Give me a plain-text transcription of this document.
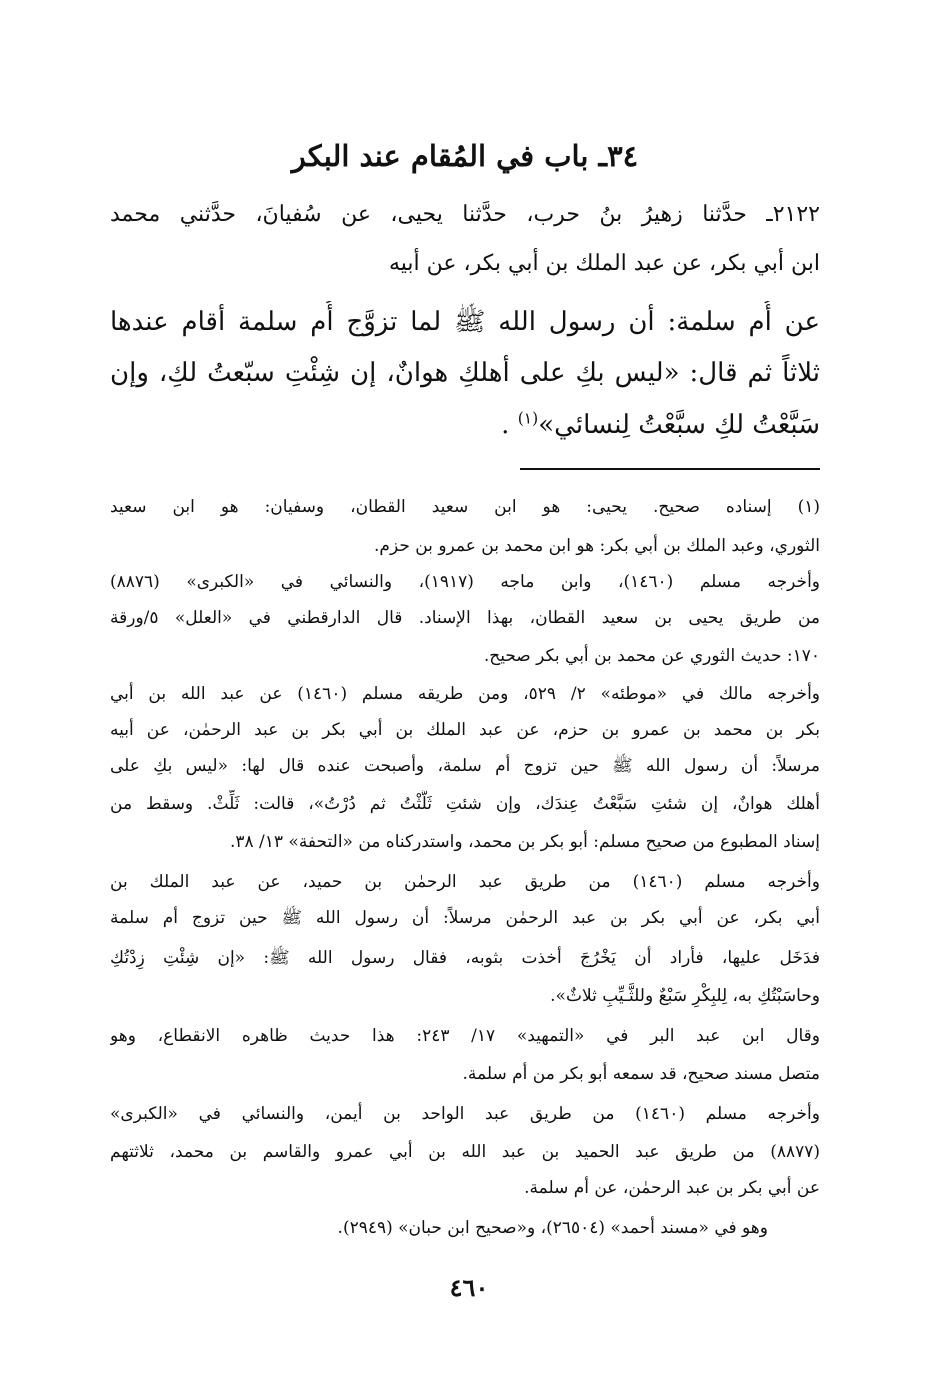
٣٤ـ باب في المُقام عند البكر
٢١٢٢ـ حدَّثنا زهيرُ بنُ حرب، حدَّثنا يحيى، عن سُفيانَ، حدَّثني محمد
ابن أبي بكر، عن عبد الملك بن أبي بكر، عن أبيه
عن أُم سلمة: أن رسول الله ﷺ لما تزوَّج أُم سلمة أقام عندها
ثلاثاً ثم قال: «ليس بكِ على أهلكِ هوانٌ، إن شِئْتِ سبّعتُ لكِ، وإن
سَبَّعْتُ لكِ سبَّعْتُ لِنسائي»$^{(١)}$ .
(١) إسناده صحيح. يحيى: هو ابن سعيد القطان، وسفيان: هو ابن سعيد
الثوري، وعبد الملك بن أبي بكر: هو ابن محمد بن عمرو بن حزم.
وأخرجه مسلم (١٤٦٠)، وابن ماجه (١٩١٧)، والنسائي في «الكبرى» (٨٨٧٦)
من طريق يحيى بن سعيد القطان، بهذا الإسناد. قال الدارقطني في «العلل» ٥/ورقة
١٧٠: حديث الثوري عن محمد بن أبي بكر صحيح.
وأخرجه مالك في «موطئه» ٢/ ٥٢٩، ومن طريقه مسلم (١٤٦٠) عن عبد الله بن أبي
بكر بن محمد بن عمرو بن حزم، عن عبد الملك بن أبي بكر بن عبد الرحمٰن، عن أبيه
مرسلاً: أن رسول الله ﷺ حين تزوج أم سلمة، وأصبحت عنده قال لها: «ليس بكِ على
أهلك هوانٌ، إن شئتِ سَبَّعْتُ عِندَك، وإن شئتِ ثَلَّثْتُ ثم دُرْتُ»، قالت: ثَلِّثْ. وسقط من
إسناد المطبوع من صحيح مسلم: أبو بكر بن محمد، واستدركناه من «التحفة» ١٣/ ٣٨.
وأخرجه مسلم (١٤٦٠) من طريق عبد الرحمٰن بن حميد، عن عبد الملك بن
أبي بكر، عن أبي بكر بن عبد الرحمٰن مرسلاً: أن رسول الله ﷺ حين تزوج أم سلمة
فدَخَل عليها، فأراد أن يَخْرُجَ أخذت بثوبه، فقال رسول الله ﷺ: «إن شِئْتِ زِدْتُكِ
وحاسَبْتُكِ به، لِلبِكْرِ سَبْعٌ وللثَّـيِّبِ ثلاثٌ».
وقال ابن عبد البر في «التمهيد» ١٧/ ٢٤٣: هذا حديث ظاهره الانقطاع، وهو
متصل مسند صحيح، قد سمعه أبو بكر من أم سلمة.
وأخرجه مسلم (١٤٦٠) من طريق عبد الواحد بن أيمن، والنسائي في «الكبرى»
(٨٨٧٧) من طريق عبد الحميد بن عبد الله بن أبي عمرو والقاسم بن محمد، ثلاثتهم
عن أبي بكر بن عبد الرحمٰن، عن أم سلمة.
وهو في «مسند أحمد» (٢٦٥٠٤)، و«صحيح ابن حبان» (٢٩٤٩).
٤٦٠
